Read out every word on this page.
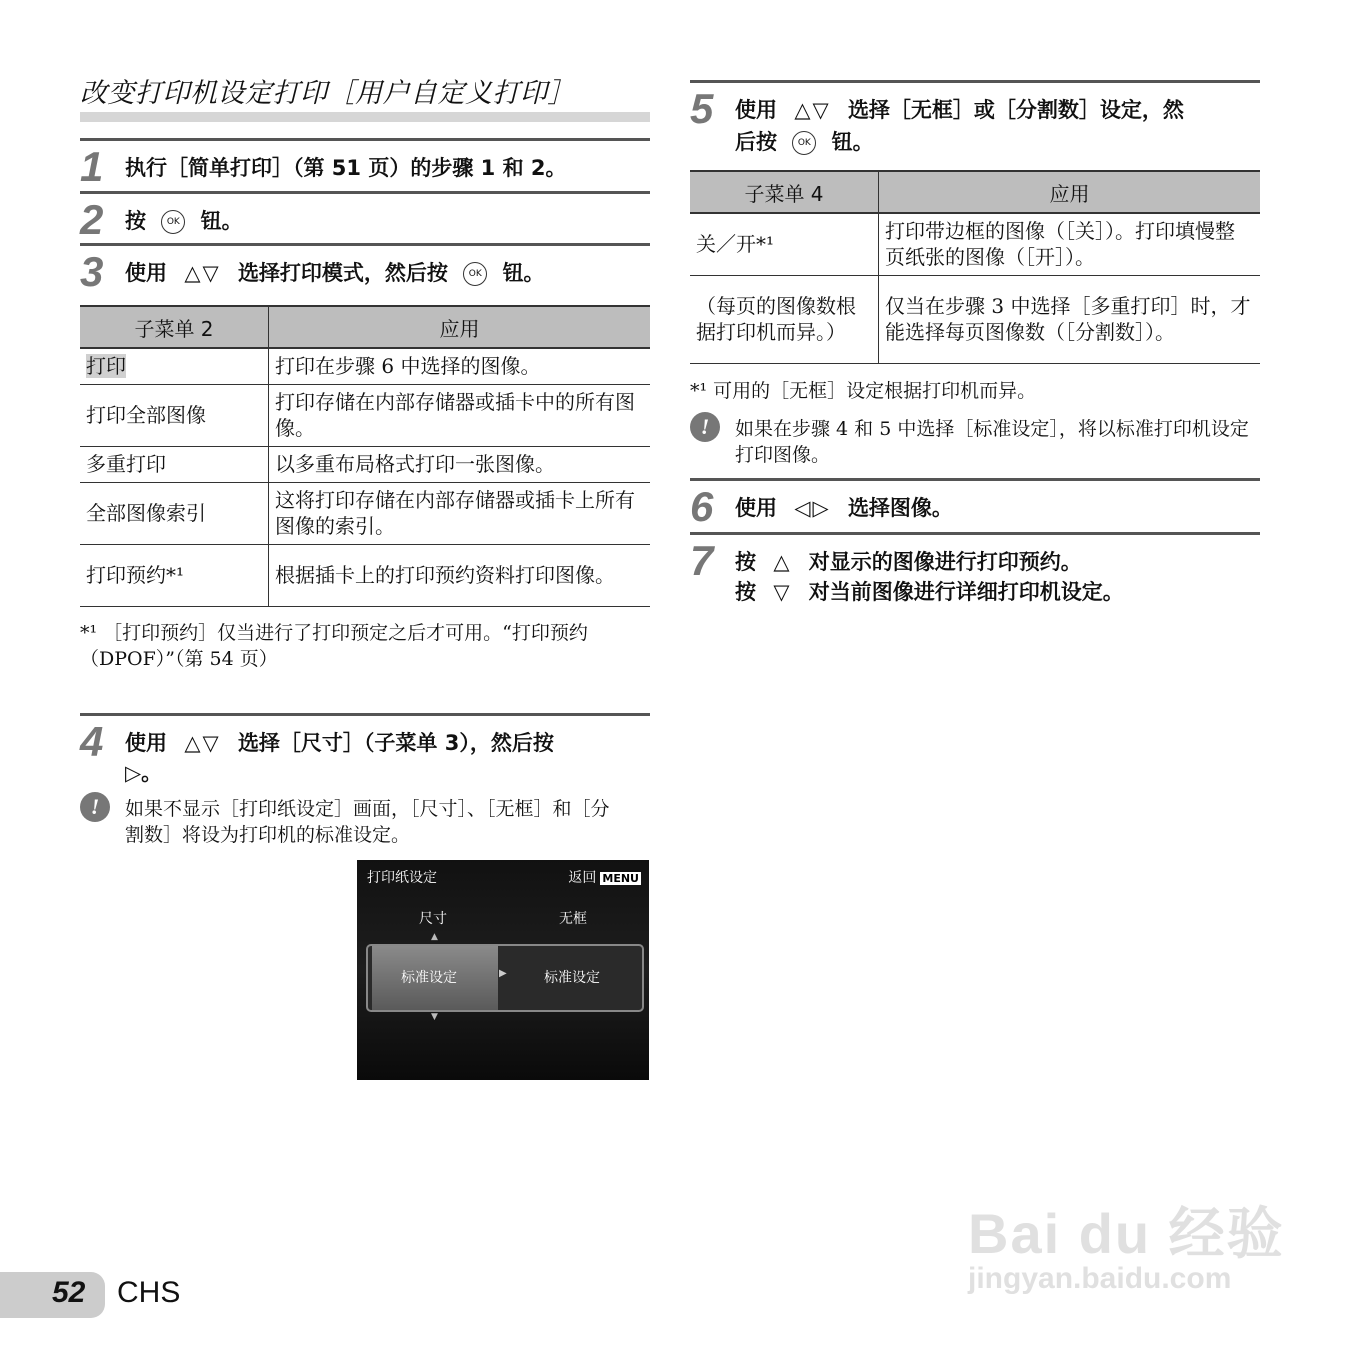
改变打印机设定打印［用户自定义打印］
1 执行［简单打印］（第 51 页）的步骤 1 和 2。
2 按 OK 钮。
3 使用 △▽ 选择打印模式，然后按 OK 钮。
子菜单 2	应用
打印	打印在步骤 6 中选择的图像。
打印全部图像	打印存储在内部存储器或插卡中的所有图像。
多重打印	以多重布局格式打印一张图像。
全部图像索引	这将打印存储在内部存储器或插卡上所有图像的索引。
打印预约*¹	根据插卡上的打印预约资料打印图像。
*¹ ［打印预约］仅当进行了打印预定之后才可用。“打印预约（DPOF）”（第 54 页）
4 使用 △▽ 选择［尺寸］（子菜单 3），然后按
▷。
!	如果不显示［打印纸设定］画面，［尺寸］、［无框］和［分割数］将设为打印机的标准设定。
打印纸设定	返回 MENU
尺寸	无框
▲
标准设定	▶	标准设定
▼
5 使用 △▽ 选择［无框］或［分割数］设定，然
后按 OK 钮。
子菜单 4	应用
关／开*¹	打印带边框的图像（［关］）。打印填慢整页纸张的图像（［开］）。
（每页的图像数根据打印机而异。）	仅当在步骤 3 中选择［多重打印］时，才能选择每页图像数（［分割数］）。
*¹ 可用的［无框］设定根据打印机而异。
!	如果在步骤 4 和 5 中选择［标准设定］，将以标准打印机设定打印图像。
6 使用 ◁▷ 选择图像。
7 按 △ 对显示的图像进行打印预约。
按 ▽ 对当前图像进行详细打印机设定。
Bai du 经验
jingyan.baidu.com
52 CHS
